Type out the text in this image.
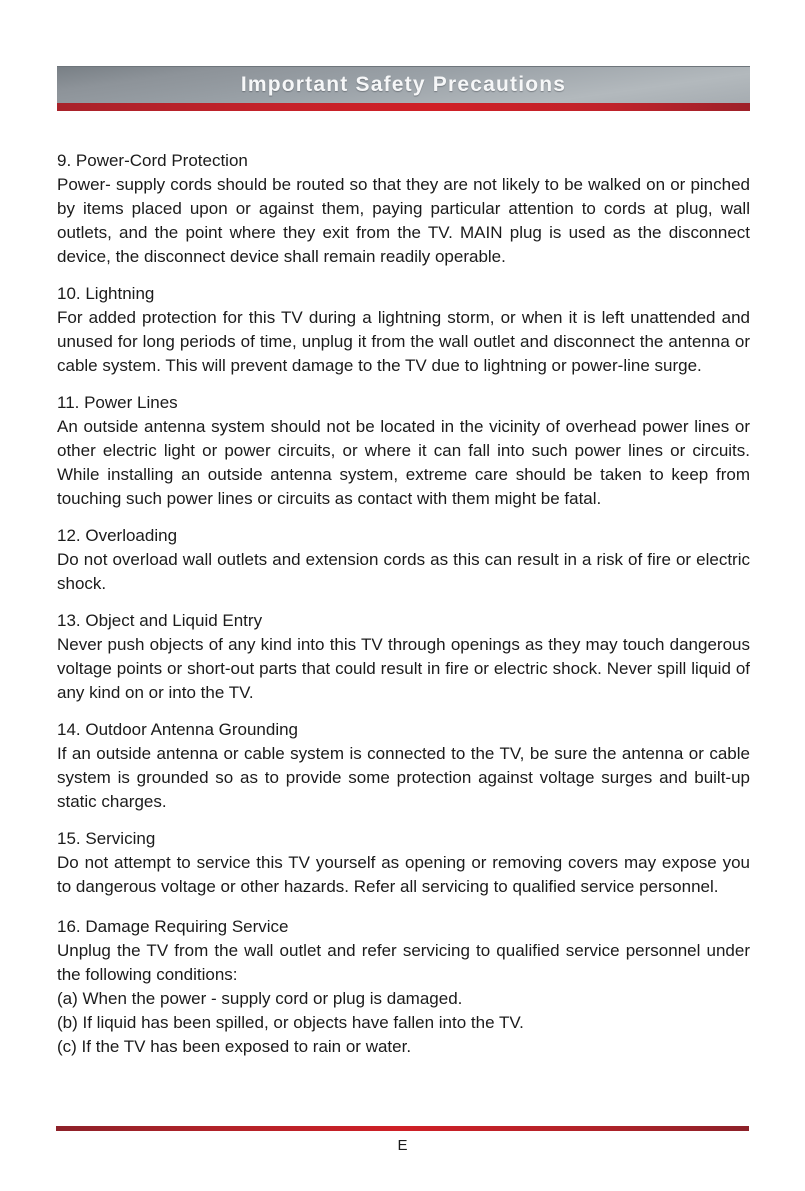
Important Safety Precautions
9. Power-Cord Protection

Power- supply cords should be routed so that they are not likely to be walked on or pinched by items placed upon or against them, paying particular attention to cords at plug, wall outlets, and the point where they exit from the TV. MAIN plug is used as the disconnect device, the disconnect device shall remain readily operable.

10. Lightning

For added protection for this TV during a lightning storm, or when it is left unattended and unused for long periods of time, unplug it from the wall outlet and disconnect the antenna or cable system. This will prevent damage to the TV due to lightning or power-line surge.

11. Power Lines

An outside antenna system should not be located in the vicinity of overhead power lines or other electric light or power circuits, or where it can fall into such power lines or circuits. While installing an outside antenna system, extreme care should be taken to keep from touching such power lines or circuits as contact with them might be fatal.

12. Overloading

Do not overload wall outlets and extension cords as this can result in a risk of fire or electric shock.

13. Object and Liquid Entry

Never push objects of any kind into this TV through openings as they may touch dangerous voltage points or short-out parts that could result in fire or electric shock. Never spill liquid of any kind on or into the TV.

14. Outdoor Antenna Grounding

If an outside antenna or cable system is connected to the TV, be sure the antenna or cable system is grounded so as to provide some protection against voltage surges and built-up static charges.

15. Servicing

Do not attempt to service this TV yourself as opening or removing covers may expose you to dangerous voltage or other hazards. Refer all servicing to qualified service personnel.

16. Damage Requiring Service

Unplug the TV from the wall outlet and refer servicing to qualified service personnel under the following conditions:

(a) When the power - supply cord or plug is damaged.
(b) If liquid has been spilled, or objects have fallen into the TV.
(c) If the TV has been exposed to rain or water.
E
